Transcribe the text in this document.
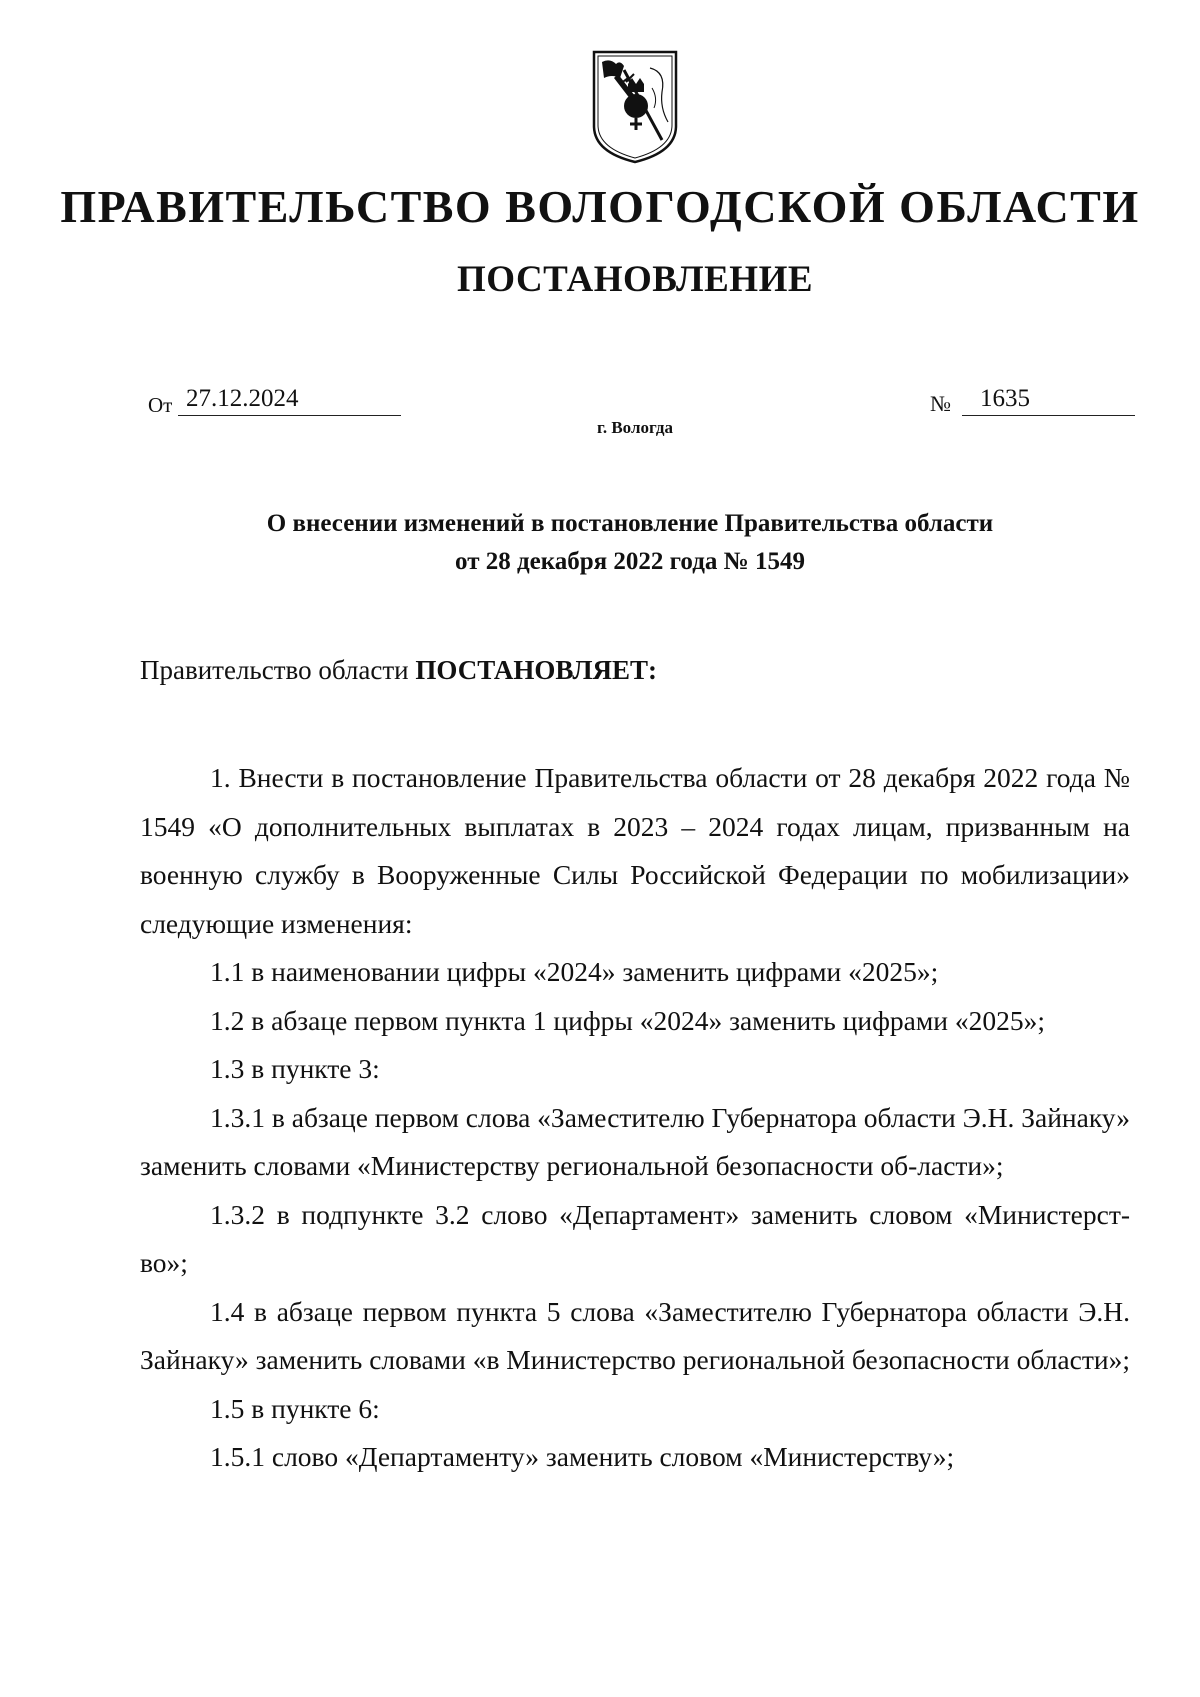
ПРАВИТЕЛЬСТВО ВОЛОГОДСКОЙ ОБЛАСТИ
ПОСТАНОВЛЕНИЕ
От 27.12.2024	№	1635
г. Вологда
О внесении изменений в постановление Правительства области
от 28 декабря 2022 года № 1549
Правительство области ПОСТАНОВЛЯЕТ:

1. Внести в постановление Правительства области от 28 декабря 2022 года № 1549 «О дополнительных выплатах в 2023 – 2024 годах лицам, призванным на военную службу в Вооруженные Силы Российской Федерации по мобилизации» следующие изменения:

1.1 в наименовании цифры «2024» заменить цифрами «2025»;

1.2 в абзаце первом пункта 1 цифры «2024» заменить цифрами «2025»;

1.3 в пункте 3:

1.3.1 в абзаце первом слова «Заместителю Губернатора области Э.Н. Зайнаку» заменить словами «Министерству региональной безопасности об-ласти»;

1.3.2 в подпункте 3.2 слово «Департамент» заменить словом «Министерст-во»;

1.4 в абзаце первом пункта 5 слова «Заместителю Губернатора области Э.Н. Зайнаку» заменить словами «в Министерство региональной безопасности области»;

1.5 в пункте 6:

1.5.1 слово «Департаменту» заменить словом «Министерству»;
